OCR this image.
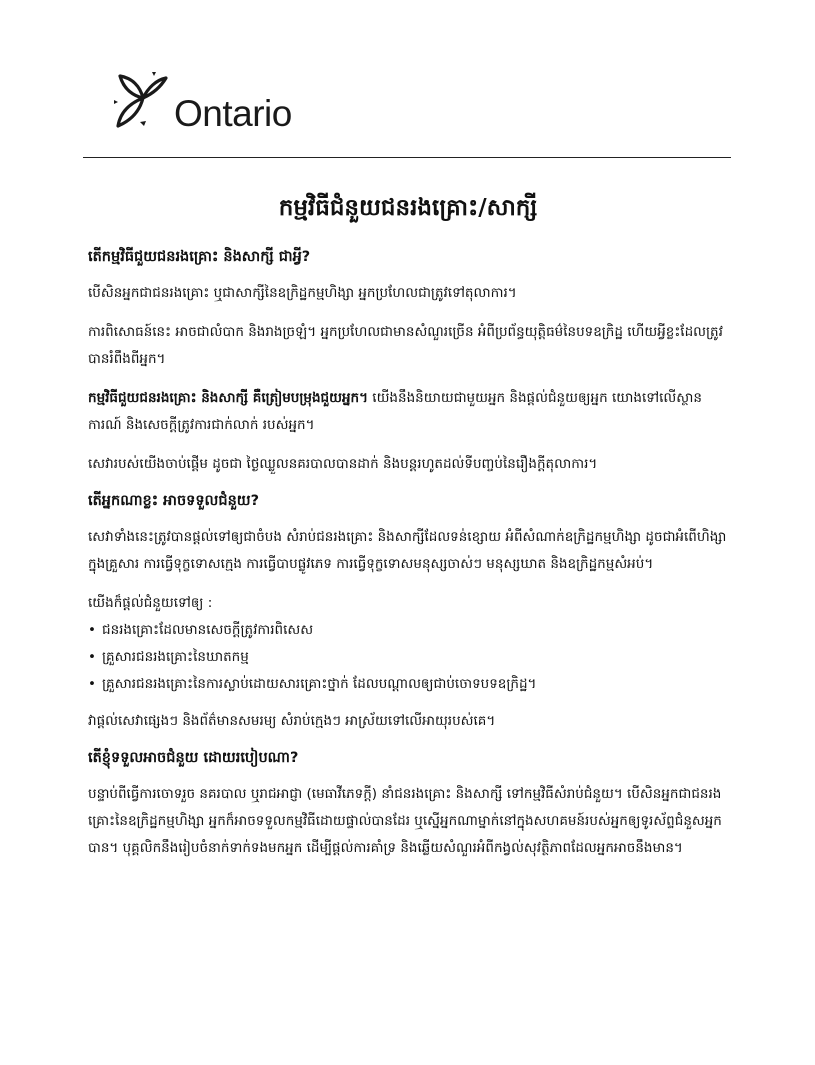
Ontario
កម្មវិធីជំនួយជនរងគ្រោះ/សាក្សី
តើកម្មវិធីជួយជនរងគ្រោះ និងសាក្សី ជាអ្វី?

បើសិនអ្នកជាជនរងគ្រោះ ឬជាសាក្សីនៃឧក្រិដ្ឋកម្មហិង្សា អ្នកប្រហែលជាត្រូវទៅតុលាការ។

ការពិសោធន៍នេះ អាចជាលំបាក និងរាងច្រឡំ។ អ្នកប្រហែលជាមានសំណួរច្រើន អំពីប្រព័ន្ធយុត្តិធម៌នៃបទឧក្រិដ្ឋ ហើយអ្វីខ្លះដែលត្រូវបានរំពឹងពីអ្នក។

កម្មវិធីជួយជនរងគ្រោះ និងសាក្សី គឺត្រៀមបម្រុងជួយអ្នក។ យើងនឹងនិយាយជាមួយអ្នក និងផ្តល់ជំនួយឲ្យអ្នក យោងទៅលើស្ថានការណ៍ និងសេចក្តីត្រូវការជាក់លាក់ របស់អ្នក។

សេវារបស់យើងចាប់ផ្តើម ដូចជា ថ្ងៃឈ្លួលនគរបាលបានដាក់ និងបន្តរហូតដល់ទីបញ្ចប់នៃរឿងក្តីតុលាការ។

តើអ្នកណាខ្លះ អាចទទួលជំនួយ?

សេវាទាំងនេះត្រូវបានផ្តល់ទៅឲ្យជាចំបង សំរាប់ជនរងគ្រោះ និងសាក្សីដែលទន់ខ្សោយ អំពីសំណាក់ឧក្រិដ្ឋកម្មហិង្សា ដូចជាអំពើហិង្សាក្នុងគ្រួសារ ការធ្វើទុក្ខទោសក្មេង ការធ្វើបាបផ្លូវភេទ ការធ្វើទុក្ខទោសមនុស្សចាស់ៗ មនុស្សឃាត និងឧក្រិដ្ឋកម្មសំអប់។

យើងក៏ផ្តល់ជំនួយទៅឲ្យ :

• ជនរងគ្រោះដែលមានសេចក្តីត្រូវការពិសេស
• គ្រួសារជនរងគ្រោះនៃឃាតកម្ម
• គ្រួសារជនរងគ្រោះនៃការស្លាប់ដោយសារគ្រោះថ្នាក់ ដែលបណ្តាលឲ្យជាប់ចោទបទឧក្រិដ្ឋ។

វាផ្តល់សេវាផ្សេងៗ និងព័ត៌មានសមរម្យ សំរាប់ក្មេងៗ អាស្រ័យទៅលើអាយុរបស់គេ។

តើខ្ញុំទទួលអាចជំនួយ ដោយរបៀបណា?

បន្ទាប់ពីធ្វើការចោទរួច នគរបាល ឬរាជអាជ្ញា (មេធាវីភេទក្តី) នាំជនរងគ្រោះ និងសាក្សី ទៅកម្មវិធីសំរាប់ជំនួយ។ បើសិនអ្នកជាជនរងគ្រោះនៃឧក្រិដ្ឋកម្មហិង្សា អ្នកក៏អាចទទួលកម្មវិធីដោយផ្ទាល់បានដែរ ឬស្នើអ្នកណាម្នាក់នៅក្នុងសហគមន៍របស់អ្នកឲ្យទូរស័ព្ទជំនួសអ្នកបាន។ បុគ្គលិកនឹងរៀបចំនាក់ទាក់ទងមកអ្នក ដើម្បីផ្តល់ការគាំទ្រ និងឆ្លើយសំណួរអំពីកង្វល់សុវត្ថិភាពដែលអ្នកអាចនឹងមាន។
